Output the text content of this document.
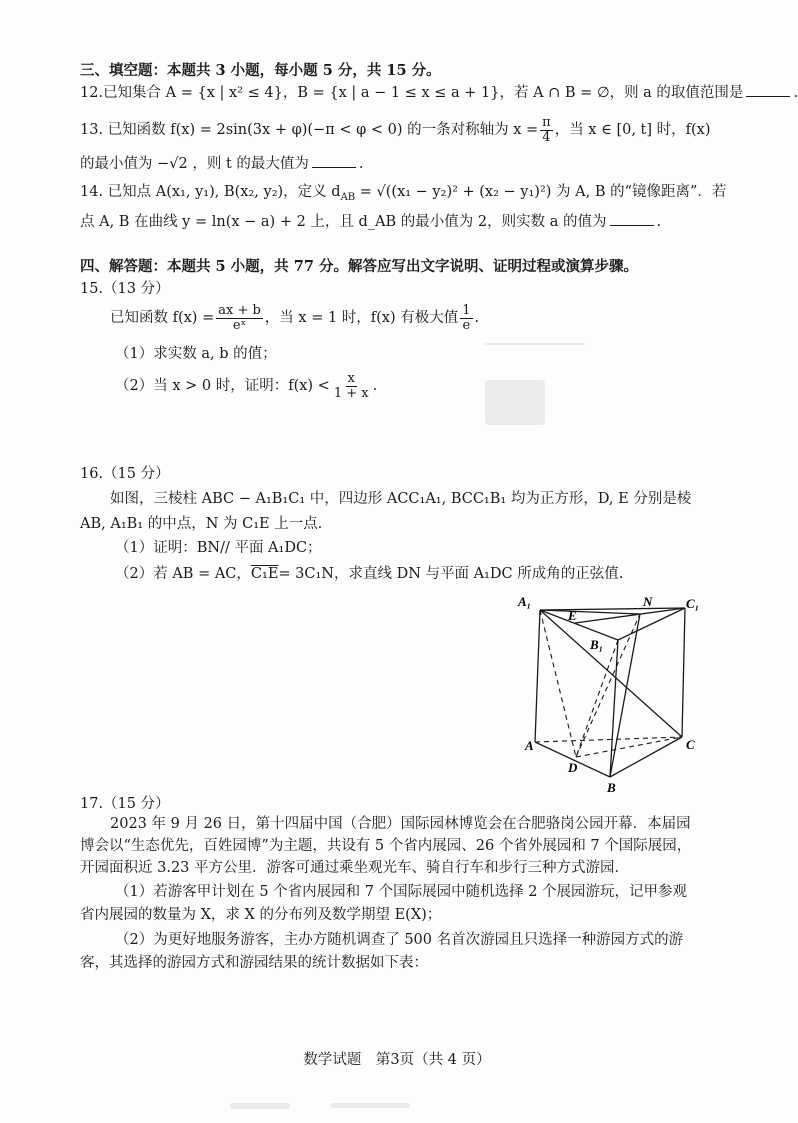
三、填空题：本题共 3 小题，每小题 5 分，共 15 分。
12.已知集合 A = {x | x² ≤ 4}，B = {x | a − 1 ≤ x ≤ a + 1}，若 A ∩ B = ∅，则 a 的取值范围是	.
13. 已知函数 f(x) = 2sin(3x + φ)(−π < φ < 0) 的一条对称轴为 $x = \frac{\pi}{4}$ ，当 x ∈ [0, t] 时，f(x)
的最小值为 −√2 ，则 t 的最大值为	.
14. 已知点 A(x₁, y₁), B(x₂, y₂)，定义 $d_{AB} = √((x_1 - y_2)^2 + (x_2 - y_1)^2)$ 为 A, B 的“镜像距离”．若
点 A, B 在曲线 y = ln(x − a) + 2 上，且 d_AB 的最小值为 2，则实数 a 的值为	.
四、解答题：本题共 5 小题，共 77 分。解答应写出文字说明、证明过程或演算步骤。
15.（13 分）
已知函数 $f(x) = \frac{ax + b}{\text{eˣ}}$ ，当 x = 1 时，f(x) 有极大值 $\frac{1}{e}$ .
（1）求实数 a, b 的值；
（2）当 x > 0 时，证明：$f(x) < \frac{x}{1 + x}$ .
16.（15 分）
如图，三棱柱 ABC − A₁B₁C₁ 中，四边形 ACC₁A₁, BCC₁B₁ 均为正方形，D, E 分别是棱
AB, A₁B₁ 的中点，N 为 C₁E 上一点．
（1）证明：BN// 平面 A₁DC；
（2）若 AB = AC，C₁E= 3C₁N，求直线 DN 与平面 A₁DC 所成角的正弦值.
A₁
E
N	C₁
B₁
A	C
D
B
17.（15 分）
2023 年 9 月 26 日，第十四届中国（合肥）国际园林博览会在合肥骆岗公园开幕．本届园
博会以“生态优先，百姓园博”为主题，共设有 5 个省内展园、26 个省外展园和 7 个国际展园，
开园面积近 3.23 平方公里．游客可通过乘坐观光车、骑自行车和步行三种方式游园．
（1）若游客甲计划在 5 个省内展园和 7 个国际展园中随机选择 2 个展园游玩，记甲参观
省内展园的数量为 X，求 X 的分布列及数学期望 E(X)；
（2）为更好地服务游客，主办方随机调查了 500 名首次游园且只选择一种游园方式的游
客，其选择的游园方式和游园结果的统计数据如下表：
数学试题　第3页（共 4 页）
